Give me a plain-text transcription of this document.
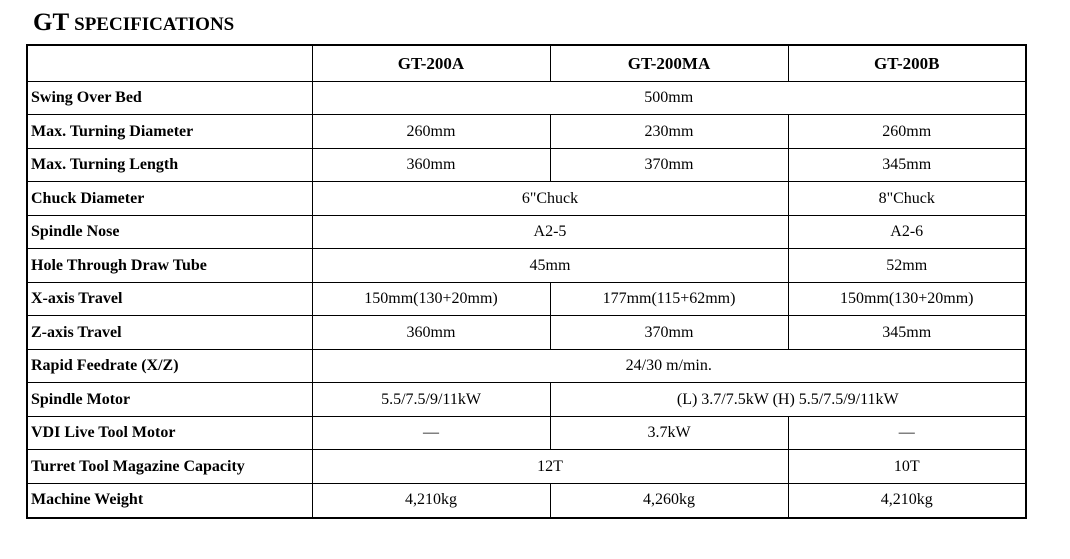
GT SPECIFICATIONS
	GT-200A	GT-200MA	GT-200B
Swing Over Bed	500mm		
Max. Turning Diameter	260mm	230mm	260mm
Max. Turning Length	360mm	370mm	345mm
Chuck Diameter	6"Chuck		8"Chuck
Spindle Nose	A2-5		A2-6
Hole Through Draw Tube	45mm		52mm
X-axis Travel	150mm(130+20mm)	177mm(115+62mm)	150mm(130+20mm)
Z-axis Travel	360mm	370mm	345mm
Rapid Feedrate (X/Z)	24/30 m/min.		
Spindle Motor	5.5/7.5/9/11kW	(L) 3.7/7.5kW (H) 5.5/7.5/9/11kW	
VDI Live Tool Motor	—	3.7kW	—
Turret Tool Magazine Capacity	12T		10T
Machine Weight	4,210kg	4,260kg	4,210kg
